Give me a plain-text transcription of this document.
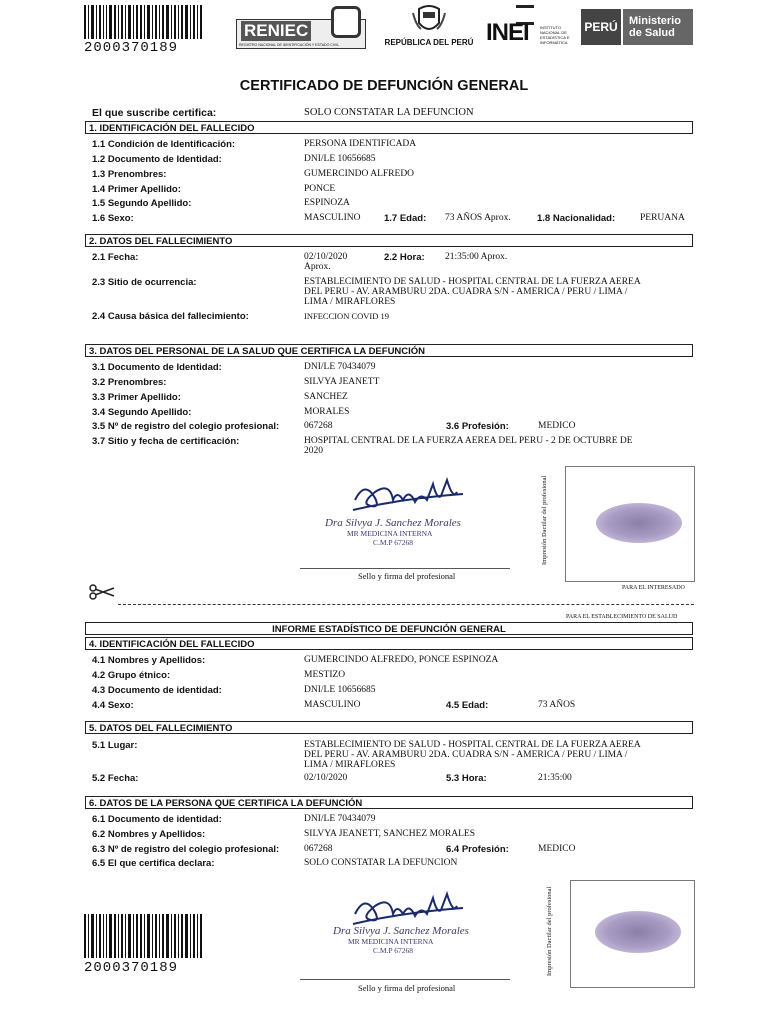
2000370189
RENIEC
REGISTRO NACIONAL DE IDENTIFICACIÓN Y ESTADO CIVIL	REPÚBLICA DEL PERÚ INEI	INSTITUTO NACIONAL DE ESTADÍSTICA E INFORMÁTICA
PERÚ	Ministerio de Salud
CERTIFICADO DE DEFUNCIÓN GENERAL
El que suscribe certifica:	SOLO CONSTATAR LA DEFUNCION
1. IDENTIFICACIÓN DEL FALLECIDO
1.1 Condición de Identificación:	PERSONA IDENTIFICADA
1.2 Documento de Identidad:	DNI/LE 10656685
1.3 Prenombres:	GUMERCINDO ALFREDO
1.4 Primer Apellido:	PONCE
1.5 Segundo Apellido:	ESPINOZA
1.6 Sexo:	MASCULINO 1.7 Edad: 73 AÑOS Aprox.	1.8 Nacionalidad:	PERUANA
2. DATOS DEL FALLECIMIENTO
2.1 Fecha:	02/10/2020
Aprox.
2.2 Hora: 21:35:00 Aprox.
2.3 Sitio de ocurrencia:	ESTABLECIMIENTO DE SALUD - HOSPITAL CENTRAL DE LA FUERZA AEREA
DEL PERU - AV. ARAMBURU 2DA. CUADRA S/N - AMERICA / PERU / LIMA /
LIMA / MIRAFLORES
2.4 Causa básica del fallecimiento:	INFECCION COVID 19
3. DATOS DEL PERSONAL DE LA SALUD QUE CERTIFICA LA DEFUNCIÓN
3.1 Documento de Identidad:	DNI/LE 70434079
3.2 Prenombres:	SILVYA JEANETT
3.3 Primer Apellido:	SANCHEZ
3.4 Segundo Apellido:	MORALES
3.5 Nº de registro del colegio profesional:	067268	3.6 Profesión:	MEDICO
3.7 Sitio y fecha de certificación:	HOSPITAL CENTRAL DE LA FUERZA AEREA DEL PERU - 2 DE OCTUBRE DE
2020
Dra Silvya J. Sanchez Morales
MR MEDICINA INTERNA
C.M.P 67268
Sello y firma del profesional
Impresión Dactilar del profesional
PARA EL INTERESADO
PARA EL ESTABLECIMIENTO DE SALUD
INFORME ESTADÍSTICO DE DEFUNCIÓN GENERAL
4. IDENTIFICACIÓN DEL FALLECIDO
4.1 Nombres y Apellidos:	GUMERCINDO ALFREDO, PONCE ESPINOZA
4.2 Grupo étnico:	MESTIZO
4.3 Documento de identidad:	DNI/LE 10656685
4.4 Sexo:	MASCULINO	4.5 Edad:	73 AÑOS
5. DATOS DEL FALLECIMIENTO
5.1 Lugar:	ESTABLECIMIENTO DE SALUD - HOSPITAL CENTRAL DE LA FUERZA AEREA
DEL PERU - AV. ARAMBURU 2DA. CUADRA S/N - AMERICA / PERU / LIMA /
LIMA / MIRAFLORES
5.2 Fecha:	02/10/2020	5.3 Hora:	21:35:00
6. DATOS DE LA PERSONA QUE CERTIFICA LA DEFUNCIÓN
6.1 Documento de identidad:	DNI/LE 70434079
6.2 Nombres y Apellidos:	SILVYA JEANETT, SANCHEZ MORALES
6.3 Nº de registro del colegio profesional:	067268	6.4 Profesión:	MEDICO
6.5 El que certifica declara:	SOLO CONSTATAR LA DEFUNCION
Dra Silvya J. Sanchez Morales
MR MEDICINA INTERNA
C.M.P 67268
Sello y firma del profesional
Impresión Dactilar del profesional
2000370189
